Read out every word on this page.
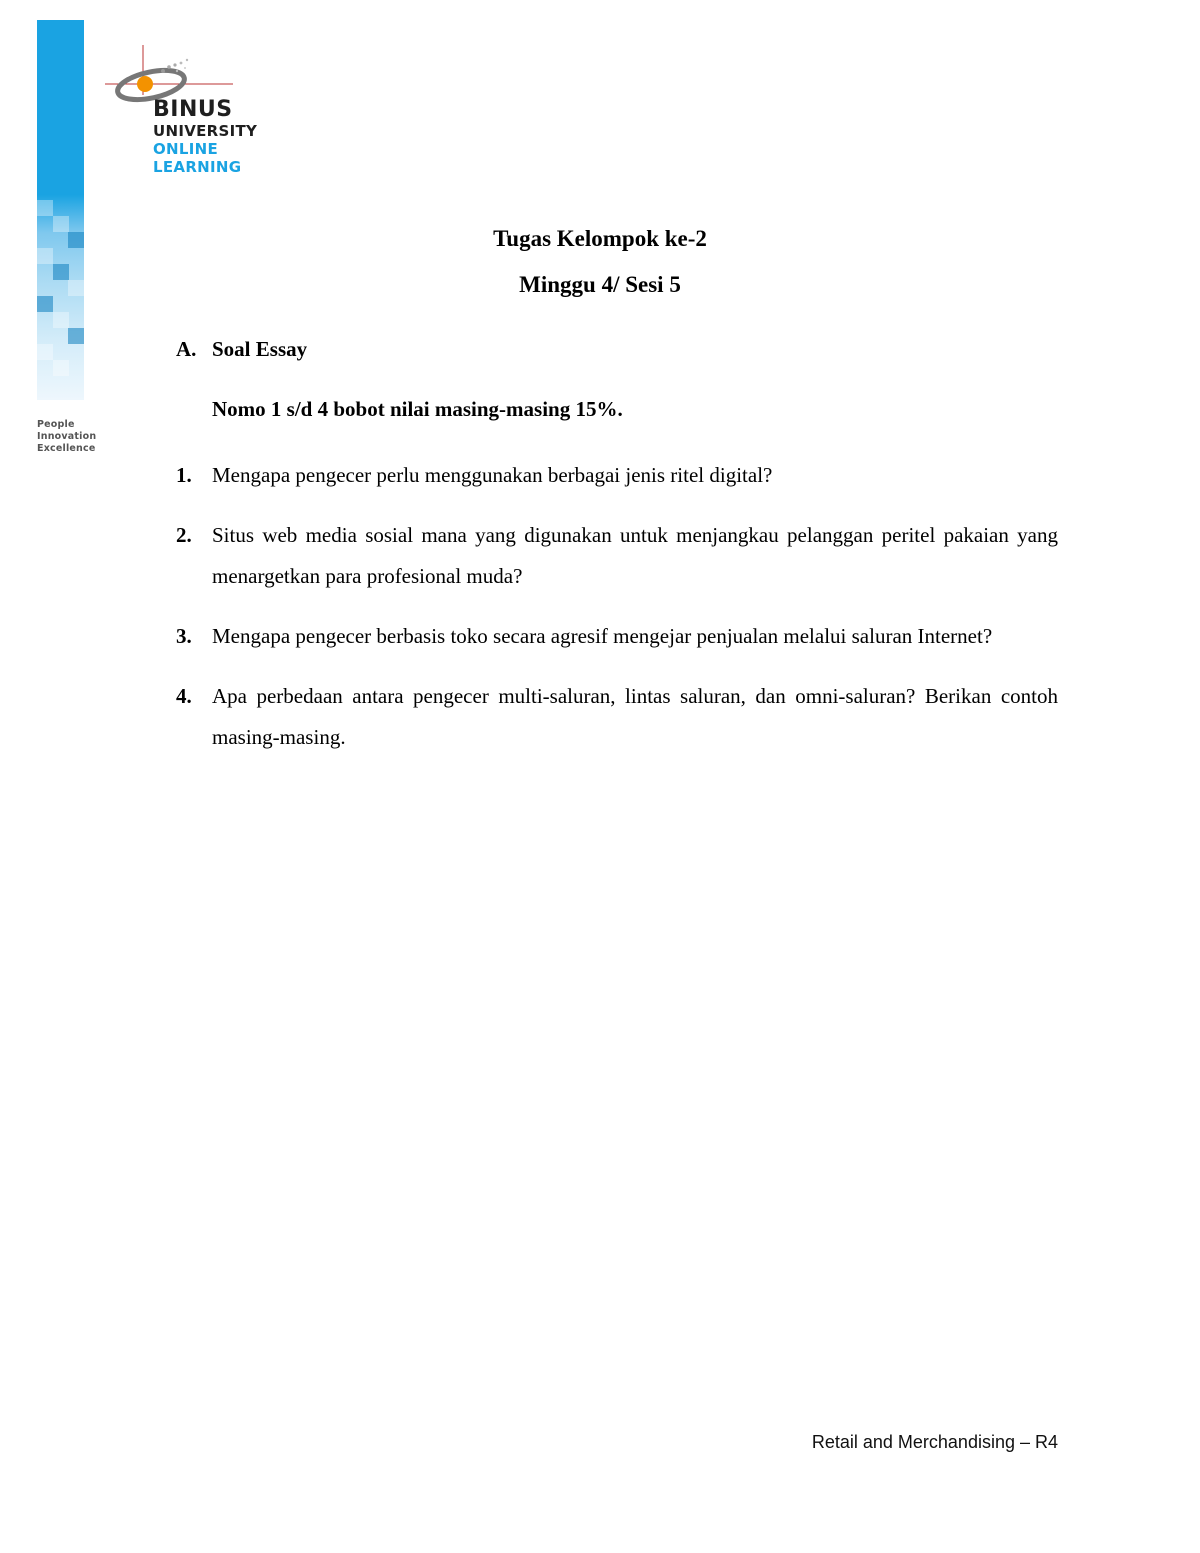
People
Innovation
Excellence
BINUS
UNIVERSITY
ONLINE
LEARNING
Tugas Kelompok ke-2
Minggu 4/ Sesi 5
A. Soal Essay
Nomo 1 s/d 4 bobot nilai masing-masing 15%.
1. Mengapa pengecer perlu menggunakan berbagai jenis ritel digital?
2. Situs web media sosial mana yang digunakan untuk menjangkau pelanggan peritel pakaian yang menargetkan para profesional muda?
3. Mengapa pengecer berbasis toko secara agresif mengejar penjualan melalui saluran Internet?
4. Apa perbedaan antara pengecer multi-saluran, lintas saluran, dan omni-saluran? Berikan contoh masing-masing.
Retail and Merchandising – R4
